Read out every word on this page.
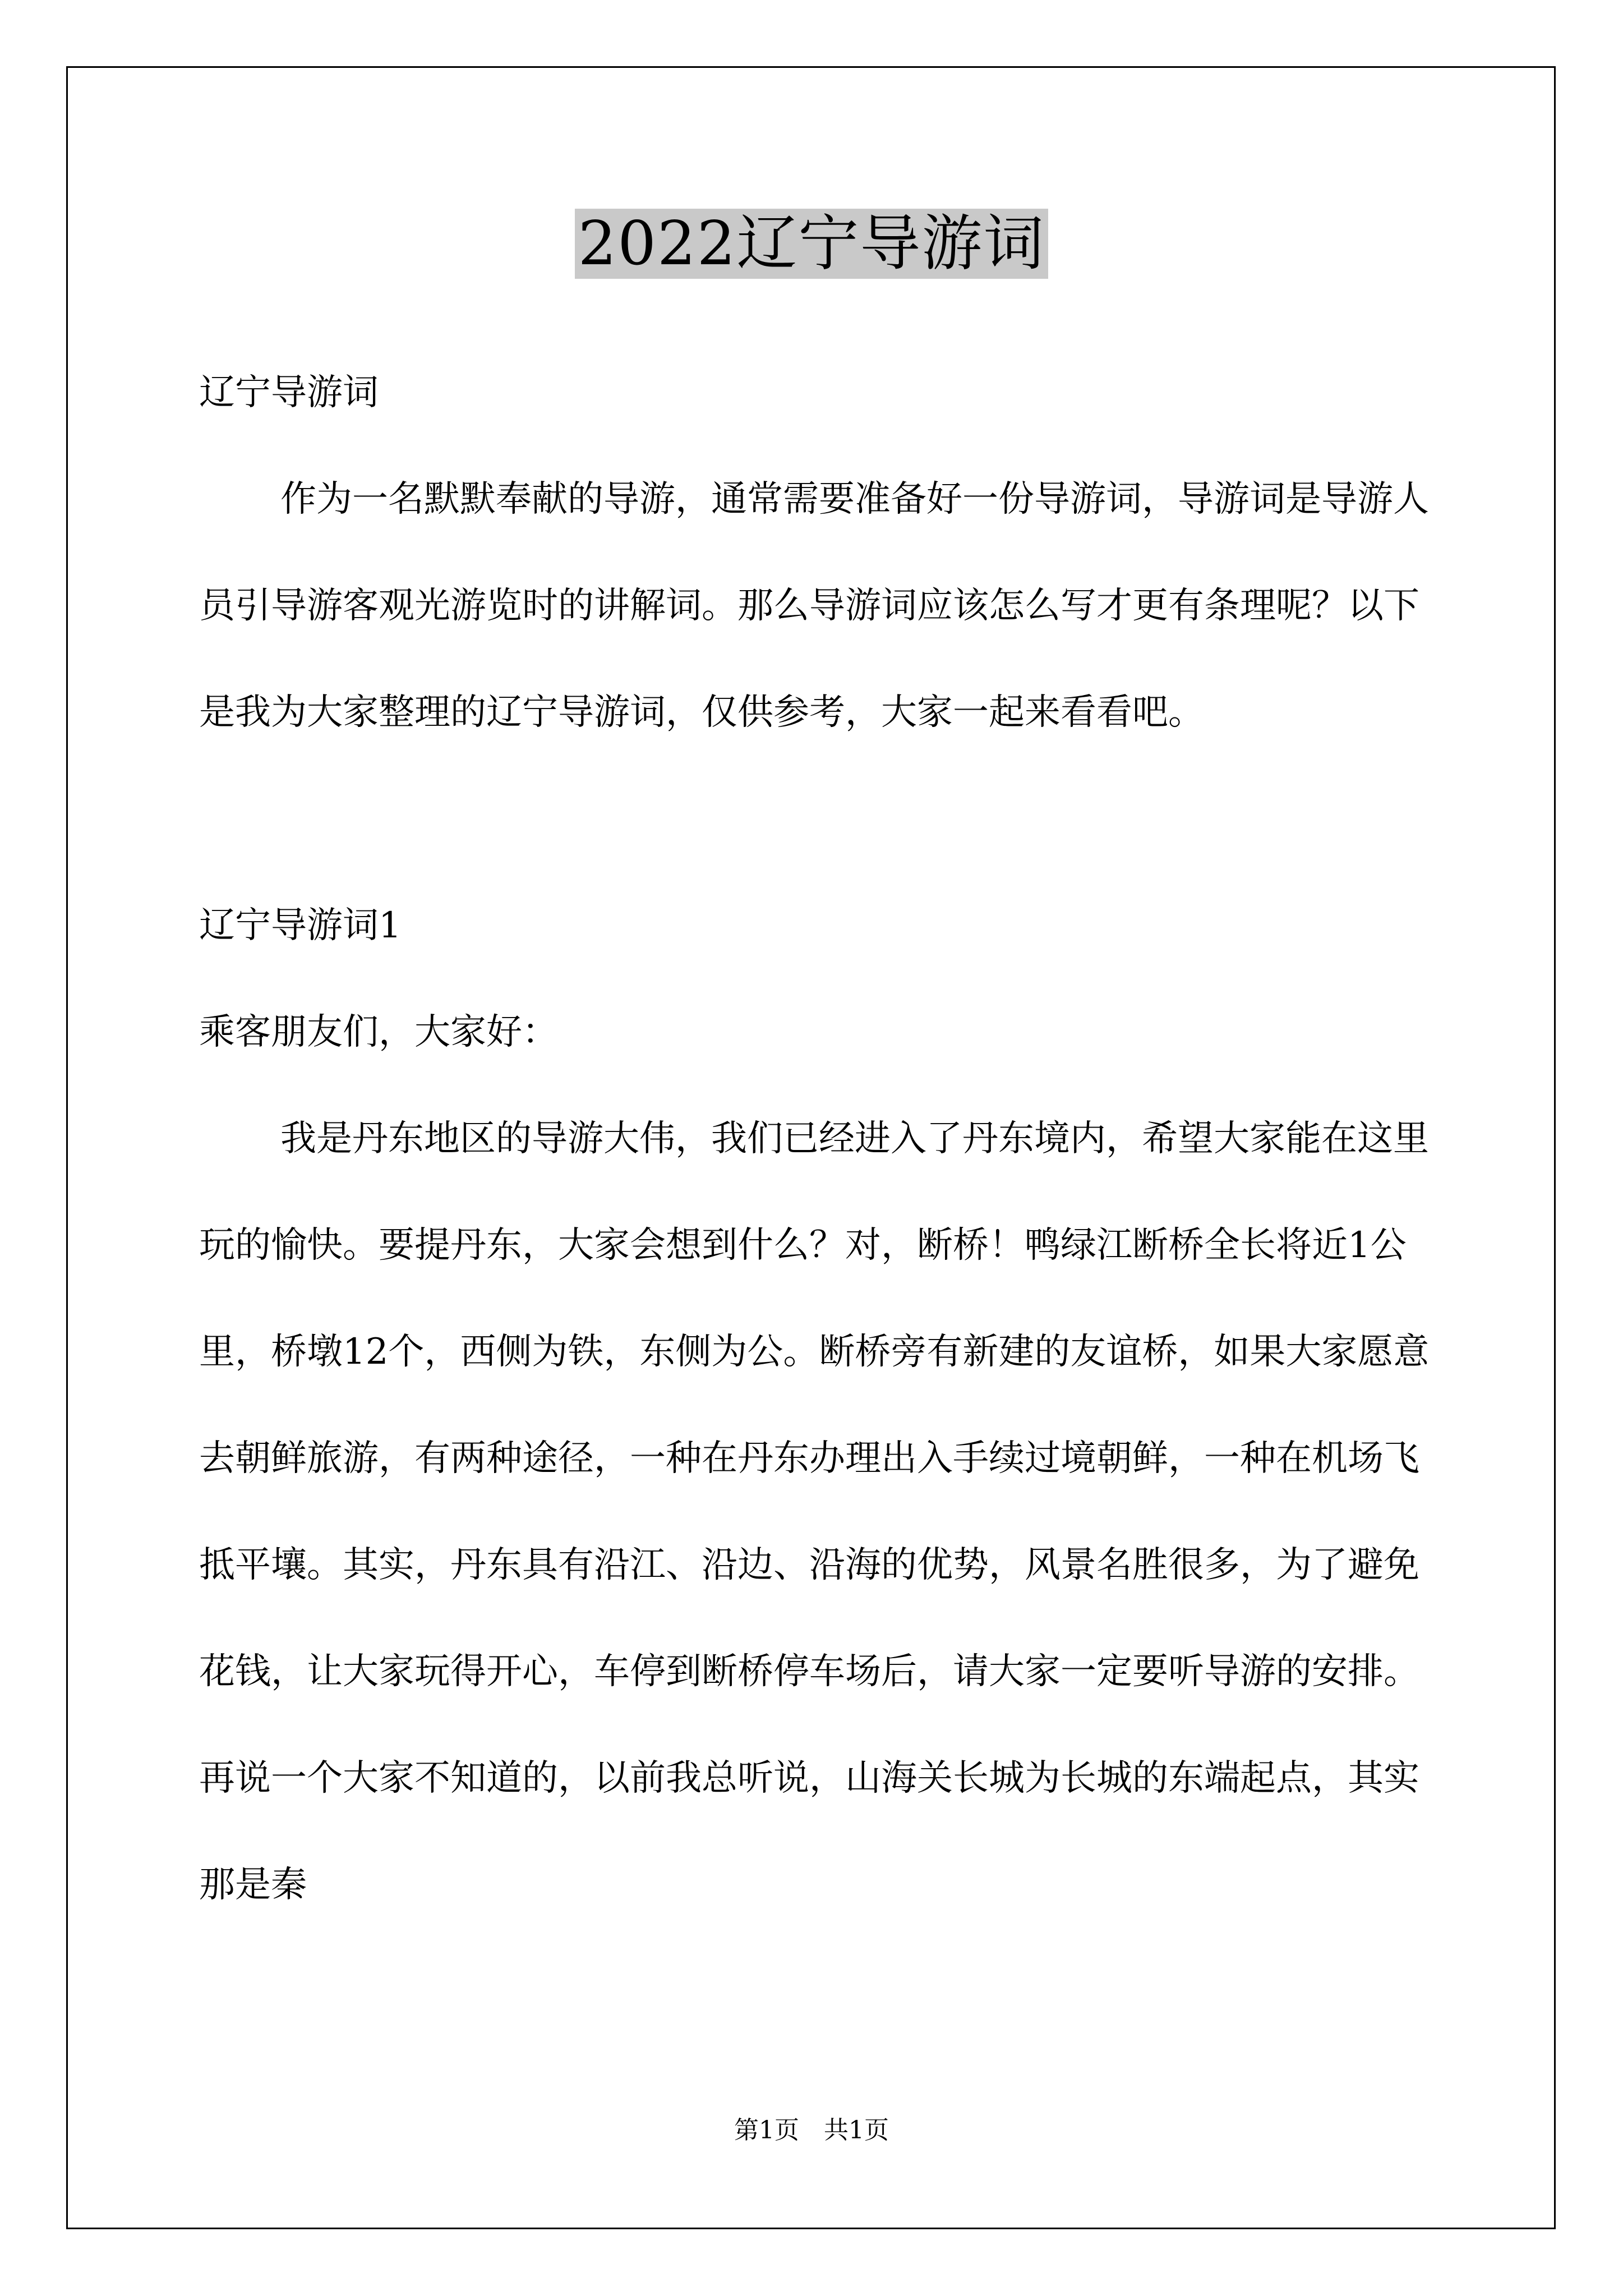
2022辽宁导游词

辽宁导游词

作为一名默默奉献的导游，通常需要准备好一份导游词，导游词是导游人员引导游客观光游览时的讲解词。那么导游词应该怎么写才更有条理呢？以下是我为大家整理的辽宁导游词，仅供参考，大家一起来看看吧。

辽宁导游词1

乘客朋友们，大家好：

我是丹东地区的导游大伟，我们已经进入了丹东境内，希望大家能在这里玩的愉快。要提丹东，大家会想到什么？对，断桥！鸭绿江断桥全长将近1公里，桥墩12个，西侧为铁，东侧为公。断桥旁有新建的友谊桥，如果大家愿意去朝鲜旅游，有两种途径，一种在丹东办理出入手续过境朝鲜，一种在机场飞抵平壤。其实，丹东具有沿江、沿边、沿海的优势，风景名胜很多，为了避免花钱，让大家玩得开心，车停到断桥停车场后，请大家一定要听导游的安排。再说一个大家不知道的，以前我总听说，山海关长城为长城的东端起点，其实那是秦

第1页 共1页
